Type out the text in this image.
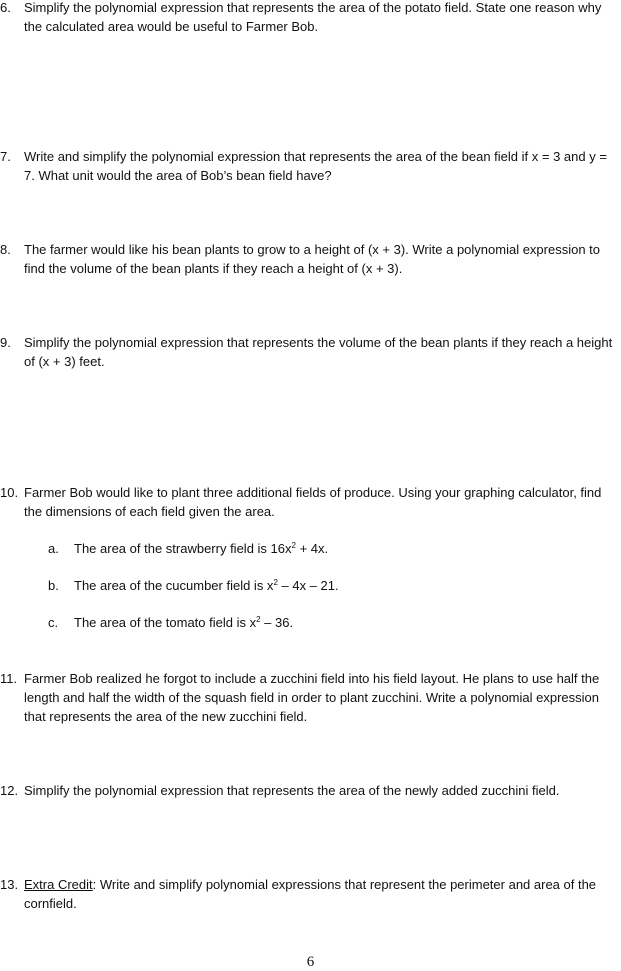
6. Simplify the polynomial expression that represents the area of the potato field. State one reason why the calculated area would be useful to Farmer Bob.
7. Write and simplify the polynomial expression that represents the area of the bean field if x = 3 and y = 7. What unit would the area of Bob’s bean field have?
8. The farmer would like his bean plants to grow to a height of (x + 3). Write a polynomial expression to find the volume of the bean plants if they reach a height of (x + 3).
9. Simplify the polynomial expression that represents the volume of the bean plants if they reach a height of (x + 3) feet.
10. Farmer Bob would like to plant three additional fields of produce. Using your graphing calculator, find the dimensions of each field given the area.
a. The area of the strawberry field is $16x^2 + 4x$.
b. The area of the cucumber field is $x^2 - 4x - 21$.
c. The area of the tomato field is $x^2 - 36$.
11. Farmer Bob realized he forgot to include a zucchini field into his field layout. He plans to use half the length and half the width of the squash field in order to plant zucchini. Write a polynomial expression that represents the area of the new zucchini field.
12. Simplify the polynomial expression that represents the area of the newly added zucchini field.
13. Extra Credit: Write and simplify polynomial expressions that represent the perimeter and area of the cornfield.
6
